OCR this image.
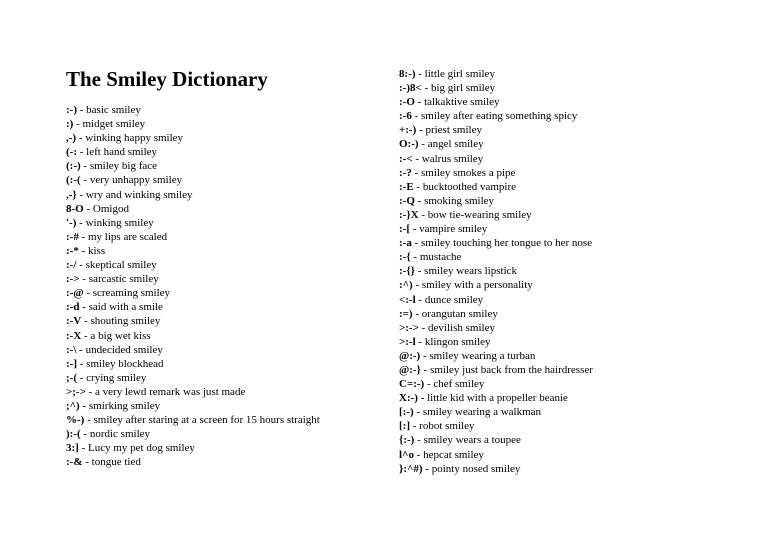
The Smiley Dictionary
:-) - basic smiley
:) - midget smiley
,-) - winking happy smiley
(-: - left hand smiley
(:-) - smiley big face
(:-( - very unhappy smiley
,-} - wry and winking smiley
8-O - Omigod
'-) - winking smiley
:-# - my lips are scaled
:-* - kiss
:-/ - skeptical smiley
:-> - sarcastic smiley
:-@ - screaming smiley
:-d - said with a smile
:-V - shouting smiley
:-X - a big wet kiss
:-\ - undecided smiley
:-] - smiley blockhead
;-( - crying smiley
>;-> - a very lewd remark was just made
;^) - smirking smiley
%-) - smiley after staring at a screen for 15 hours straight
):-( - nordic smiley
3:] - Lucy my pet dog smiley
:-& - tongue tied
8:-) - little girl smiley
:-)8< - big girl smiley
:-O - talkaktive smiley
:-6 - smiley after eating something spicy
+:-) - priest smiley
O:-) - angel smiley
:-< - walrus smiley
:-? - smiley smokes a pipe
:-E - bucktoothed vampire
:-Q - smoking smiley
:-}X - bow tie-wearing smiley
:-[ - vampire smiley
:-a - smiley touching her tongue to her nose
:-{ - mustache
:-{} - smiley wears lipstick
:^) - smiley with a personality
<:-l - dunce smiley
:=) - orangutan smiley
>:-> - devilish smiley
>:-l - klingon smiley
@:-) - smiley wearing a turban
@:-} - smiley just back from the hairdresser
C=:-) - chef smiley
X:-) - little kid with a propeller beanie
[:-) - smiley wearing a walkman
[:] - robot smiley
{:-) - smiley wears a toupee
l^o - hepcat smiley
}:^#) - pointy nosed smiley
